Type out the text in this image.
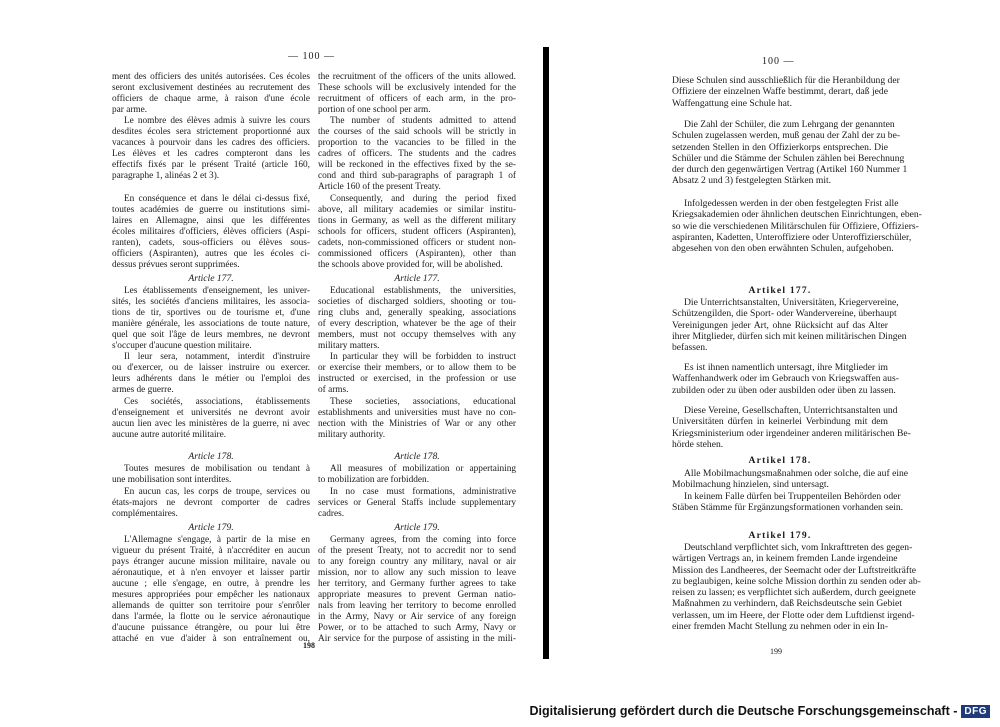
— 100 —
ment des officiers des unités autorisées. Ces écoles
seront exclusivement destinées au recrutement des
officiers de chaque arme, à raison d'une école
par arme.
Le nombre des élèves admis à suivre les cours
desdites écoles sera strictement proportionné aux
vacances à pourvoir dans les cadres des officiers.
Les élèves et les cadres compteront dans les
effectifs fixés par le présent Traité (article 160,
paragraphe 1, alinéas 2 et 3).
En conséquence et dans le délai ci-dessus fixé,
toutes académies de guerre ou institutions simi-
laires en Allemagne, ainsi que les différentes
écoles militaires d'officiers, élèves officiers (Aspi-
ranten), cadets, sous-officiers ou élèves sous-
officiers (Aspiranten), autres que les écoles ci-
dessus prévues seront supprimées.
Article 177.
Les établissements d'enseignement, les univer-
sités, les sociétés d'anciens militaires, les associa-
tions de tir, sportives ou de tourisme et, d'une
manière générale, les associations de toute nature,
quel que soit l'âge de leurs membres, ne devront
s'occuper d'aucune question militaire.
Il leur sera, notamment, interdit d'instruire
ou d'exercer, ou de laisser instruire ou exercer.
leurs adhérents dans le métier ou l'emploi des
armes de guerre.
Ces sociétés, associations, établissements
d'enseignement et universités ne devront avoir
aucun lien avec les ministères de la guerre, ni avec
aucune autre autorité militaire.
Article 178.
Toutes mesures de mobilisation ou tendant à
une mobilisation sont interdites.
En aucun cas, les corps de troupe, services ou
états-majors ne devront comporter de cadres
complémentaires.
Article 179.
L'Allemagne s'engage, à partir de la mise en
vigueur du présent Traité, à n'accréditer en aucun
pays étranger aucune mission militaire, navale ou
aéronautique, et à n'en envoyer et laisser partir
aucune ; elle s'engage, en outre, à prendre les
mesures appropriées pour empêcher les nationaux
allemands de quitter son territoire pour s'enrôler
dans l'armée, la flotte ou le service aéronautique
d'aucune puissance étrangère, ou pour lui être
attaché en vue d'aider à son entraînement ou,
the recruitment of the officers of the units allowed.
These schools will be exclusively intended for the
recruitment of officers of each arm, in the pro-
portion of one school per arm.
The number of students admitted to attend
the courses of the said schools will be strictly in
proportion to the vacancies to be filled in the
cadres of officers. The students and the cadres
will be reckoned in the effectives fixed by the se-
cond and third sub-paragraphs of paragraph 1 of
Article 160 of the present Treaty.
Consequently, and during the period fixed
above, all military academies or similar institu-
tions in Germany, as well as the different military
schools for officers, student officers (Aspiranten),
cadets, non-commissioned officers or student non-
commissioned officers (Aspiranten), other than
the schools above provided for, will be abolished.
Article 177.
Educational establishments, the universities,
societies of discharged soldiers, shooting or tou-
ring clubs and, generally speaking, associations
of every description, whatever be the age of their
members, must not occupy themselves with any
military matters.
In particular they will be forbidden to instruct
or exercise their members, or to allow them to be
instructed or exercised, in the profession or use
of arms.
These societies, associations, educational
establishments and universities must have no con-
nection with the Ministries of War or any other
military authority.
Article 178.
All measures of mobilization or appertaining
to mobilization are forbidden.
In no case must formations, administrative
services or General Staffs include supplementary
cadres.
Article 179.
Germany agrees, from the coming into force
of the present Treaty, not to accredit nor to send
to any foreign country any military, naval or air
mission, nor to allow any such mission to leave
her territory, and Germany further agrees to take
appropriate measures to prevent German natio-
nals from leaving her territory to become enrolled
in the Army, Navy or Air service of any foreign
Power, or to be attached to such Army, Navy or
Air service for the purpose of assisting in the mili-
198
100 —
Diese Schulen sind ausschließlich für die Heranbildung der
Offiziere der einzelnen Waffe bestimmt, derart, daß jede
Waffengattung eine Schule hat.
Die Zahl der Schüler, die zum Lehrgang der genannten
Schulen zugelassen werden, muß genau der Zahl der zu be-
setzenden Stellen in den Offizierkorps entsprechen. Die
Schüler und die Stämme der Schulen zählen bei Berechnung
der durch den gegenwärtigen Vertrag (Artikel 160 Nummer 1
Absatz 2 und 3) festgelegten Stärken mit.
Infolgedessen werden in der oben festgelegten Frist alle
Kriegsakademien oder ähnlichen deutschen Einrichtungen, eben-
so wie die verschiedenen Militärschulen für Offiziere, Offiziers-
aspiranten, Kadetten, Unteroffiziere oder Unteroffizierschüler,
abgesehen von den oben erwähnten Schulen, aufgehoben.
Artikel 177.
Die Unterrichtsanstalten, Universitäten, Kriegervereine,
Schützengilden, die Sport- oder Wandervereine, überhaupt
Vereinigungen jeder Art, ohne Rücksicht auf das Alter
ihrer Mitglieder, dürfen sich mit keinen militärischen Dingen
befassen.
Es ist ihnen namentlich untersagt, ihre Mitglieder im
Waffenhandwerk oder im Gebrauch von Kriegswaffen aus-
zubilden oder zu üben oder ausbilden oder üben zu lassen.
Diese Vereine, Gesellschaften, Unterrichtsanstalten und
Universitäten dürfen in keinerlei Verbindung mit dem
Kriegsministerium oder irgendeiner anderen militärischen Be-
hörde stehen.
Artikel 178.
Alle Mobilmachungsmaßnahmen oder solche, die auf eine
Mobilmachung hinzielen, sind untersagt.
In keinem Falle dürfen bei Truppenteilen Behörden oder
Stäben Stämme für Ergänzungsformationen vorhanden sein.
Artikel 179.
Deutschland verpflichtet sich, vom Inkrafttreten des gegen-
wärtigen Vertrags an, in keinem fremden Lande irgendeine
Mission des Landheeres, der Seemacht oder der Luftstreitkräfte
zu beglaubigen, keine solche Mission dorthin zu senden oder ab-
reisen zu lassen; es verpflichtet sich außerdem, durch geeignete
Maßnahmen zu verhindern, daß Reichsdeutsche sein Gebiet
verlassen, um im Heere, der Flotte oder dem Luftdienst irgend-
einer fremden Macht Stellung zu nehmen oder in ein In-
199
Digitalisierung gefördert durch die Deutsche Forschungsgemeinschaft - DFG
